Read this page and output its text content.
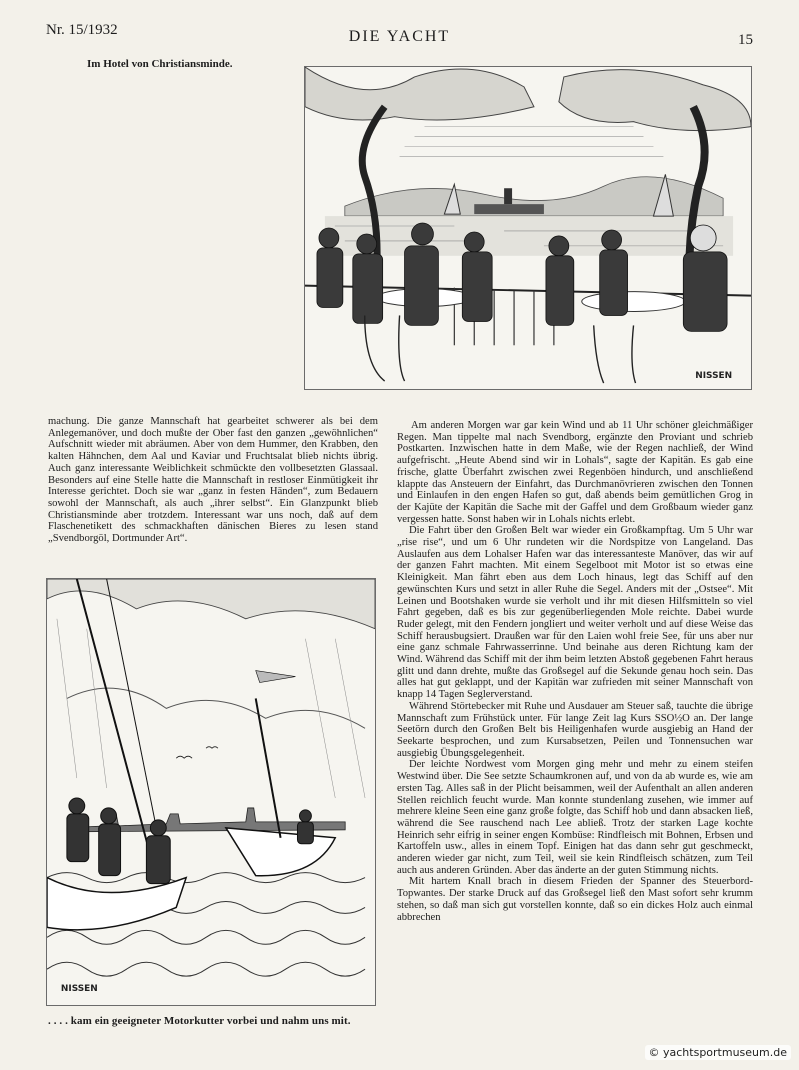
Nr. 15/1932	DIE YACHT	15
Im Hotel von Christiansminde.
NISSEN
NISSEN
. . . . kam ein geeigneter Motorkutter vorbei und nahm uns mit.

machung. Die ganze Mannschaft hat gearbeitet schwerer als bei dem Anlegemanöver, und doch mußte der Ober fast den ganzen „gewöhnlichen“ Aufschnitt wieder mit abräumen. Aber von dem Hummer, den Krabben, den kalten Hähnchen, dem Aal und Kaviar und Fruchtsalat blieb nichts übrig. Auch ganz interessante Weiblichkeit schmückte den vollbesetzten Glassaal. Besonders auf eine Stelle hatte die Mannschaft in restloser Einmütigkeit ihr Interesse gerichtet. Doch sie war „ganz in festen Händen“, zum Bedauern sowohl der Mannschaft, als auch „ihrer selbst“. Ein Glanzpunkt blieb Christiansminde aber trotzdem. Interessant war uns noch, daß auf dem Flaschenetikett des schmackhaften dänischen Bieres zu lesen stand „Svendborgöl, Dortmunder Art“.

Am anderen Morgen war gar kein Wind und ab 11 Uhr schöner gleichmäßiger Regen. Man tippelte mal nach Svendborg, ergänzte den Proviant und schrieb Postkarten. Inzwischen hatte in dem Maße, wie der Regen nachließ, der Wind aufgefrischt. „Heute Abend sind wir in Lohals“, sagte der Kapitän. Es gab eine frische, glatte Überfahrt zwischen zwei Regenböen hindurch, und anschließend klappte das Ansteuern der Einfahrt, das Durchmanövrieren zwischen den Tonnen und Einlaufen in den engen Hafen so gut, daß abends beim gemütlichen Grog in der Kajüte der Kapitän die Sache mit der Gaffel und dem Großbaum wieder ganz vergessen hatte. Sonst haben wir in Lohals nichts erlebt.

Die Fahrt über den Großen Belt war wieder ein Großkampftag. Um 5 Uhr war „rise rise“, und um 6 Uhr rundeten wir die Nordspitze von Langeland. Das Auslaufen aus dem Lohalser Hafen war das interessanteste Manöver, das wir auf der ganzen Fahrt machten. Mit einem Segelboot mit Motor ist so etwas eine Kleinigkeit. Man fährt eben aus dem Loch hinaus, legt das Schiff auf den gewünschten Kurs und setzt in aller Ruhe die Segel. Anders mit der „Ostsee“. Mit Leinen und Bootshaken wurde sie verholt und ihr mit diesen Hilfsmitteln so viel Fahrt gegeben, daß es bis zur gegenüberliegenden Mole reichte. Dabei wurde Ruder gelegt, mit den Fendern jongliert und weiter verholt und auf diese Weise das Schiff herausbugsiert. Draußen war für den Laien wohl freie See, für uns aber nur eine ganz schmale Fahrwasserrinne. Und beinahe aus deren Richtung kam der Wind. Während das Schiff mit der ihm beim letzten Abstoß gegebenen Fahrt heraus glitt und dann drehte, mußte das Großsegel auf die Sekunde genau hoch sein. Das alles hat gut geklappt, und der Kapitän war zufrieden mit seiner Mannschaft von knapp 14 Tagen Seglerverstand.

Während Störtebecker mit Ruhe und Ausdauer am Steuer saß, tauchte die übrige Mannschaft zum Frühstück unter. Für lange Zeit lag Kurs SSO½O an. Der lange Seetörn durch den Großen Belt bis Heiligenhafen wurde ausgiebig an Hand der Seekarte besprochen, und zum Kursabsetzen, Peilen und Tonnensuchen war ausgiebig Übungsgelegenheit.

Der leichte Nordwest vom Morgen ging mehr und mehr zu einem steifen Westwind über. Die See setzte Schaumkronen auf, und von da ab wurde es, wie am ersten Tag. Alles saß in der Plicht beisammen, weil der Aufenthalt an allen anderen Stellen reichlich feucht wurde. Man konnte stundenlang zusehen, wie immer auf mehrere kleine Seen eine ganz große folgte, das Schiff hob und dann absacken ließ, während die See rauschend nach Lee abließ. Trotz der starken Lage kochte Heinrich sehr eifrig in seiner engen Kombüse: Rindfleisch mit Bohnen, Erbsen und Kartoffeln usw., alles in einem Topf. Einigen hat das dann sehr gut geschmeckt, anderen wieder gar nicht, zum Teil, weil sie kein Rindfleisch schätzen, zum Teil auch aus anderen Gründen. Aber das änderte an der guten Stimmung nichts.

Mit hartem Knall brach in diesem Frieden der Spanner des Steuerbord-Topwantes. Der starke Druck auf das Großsegel ließ den Mast sofort sehr krumm stehen, so daß man sich gut vorstellen konnte, daß so ein dickes Holz auch einmal abbrechen

© yachtsportmuseum.de
